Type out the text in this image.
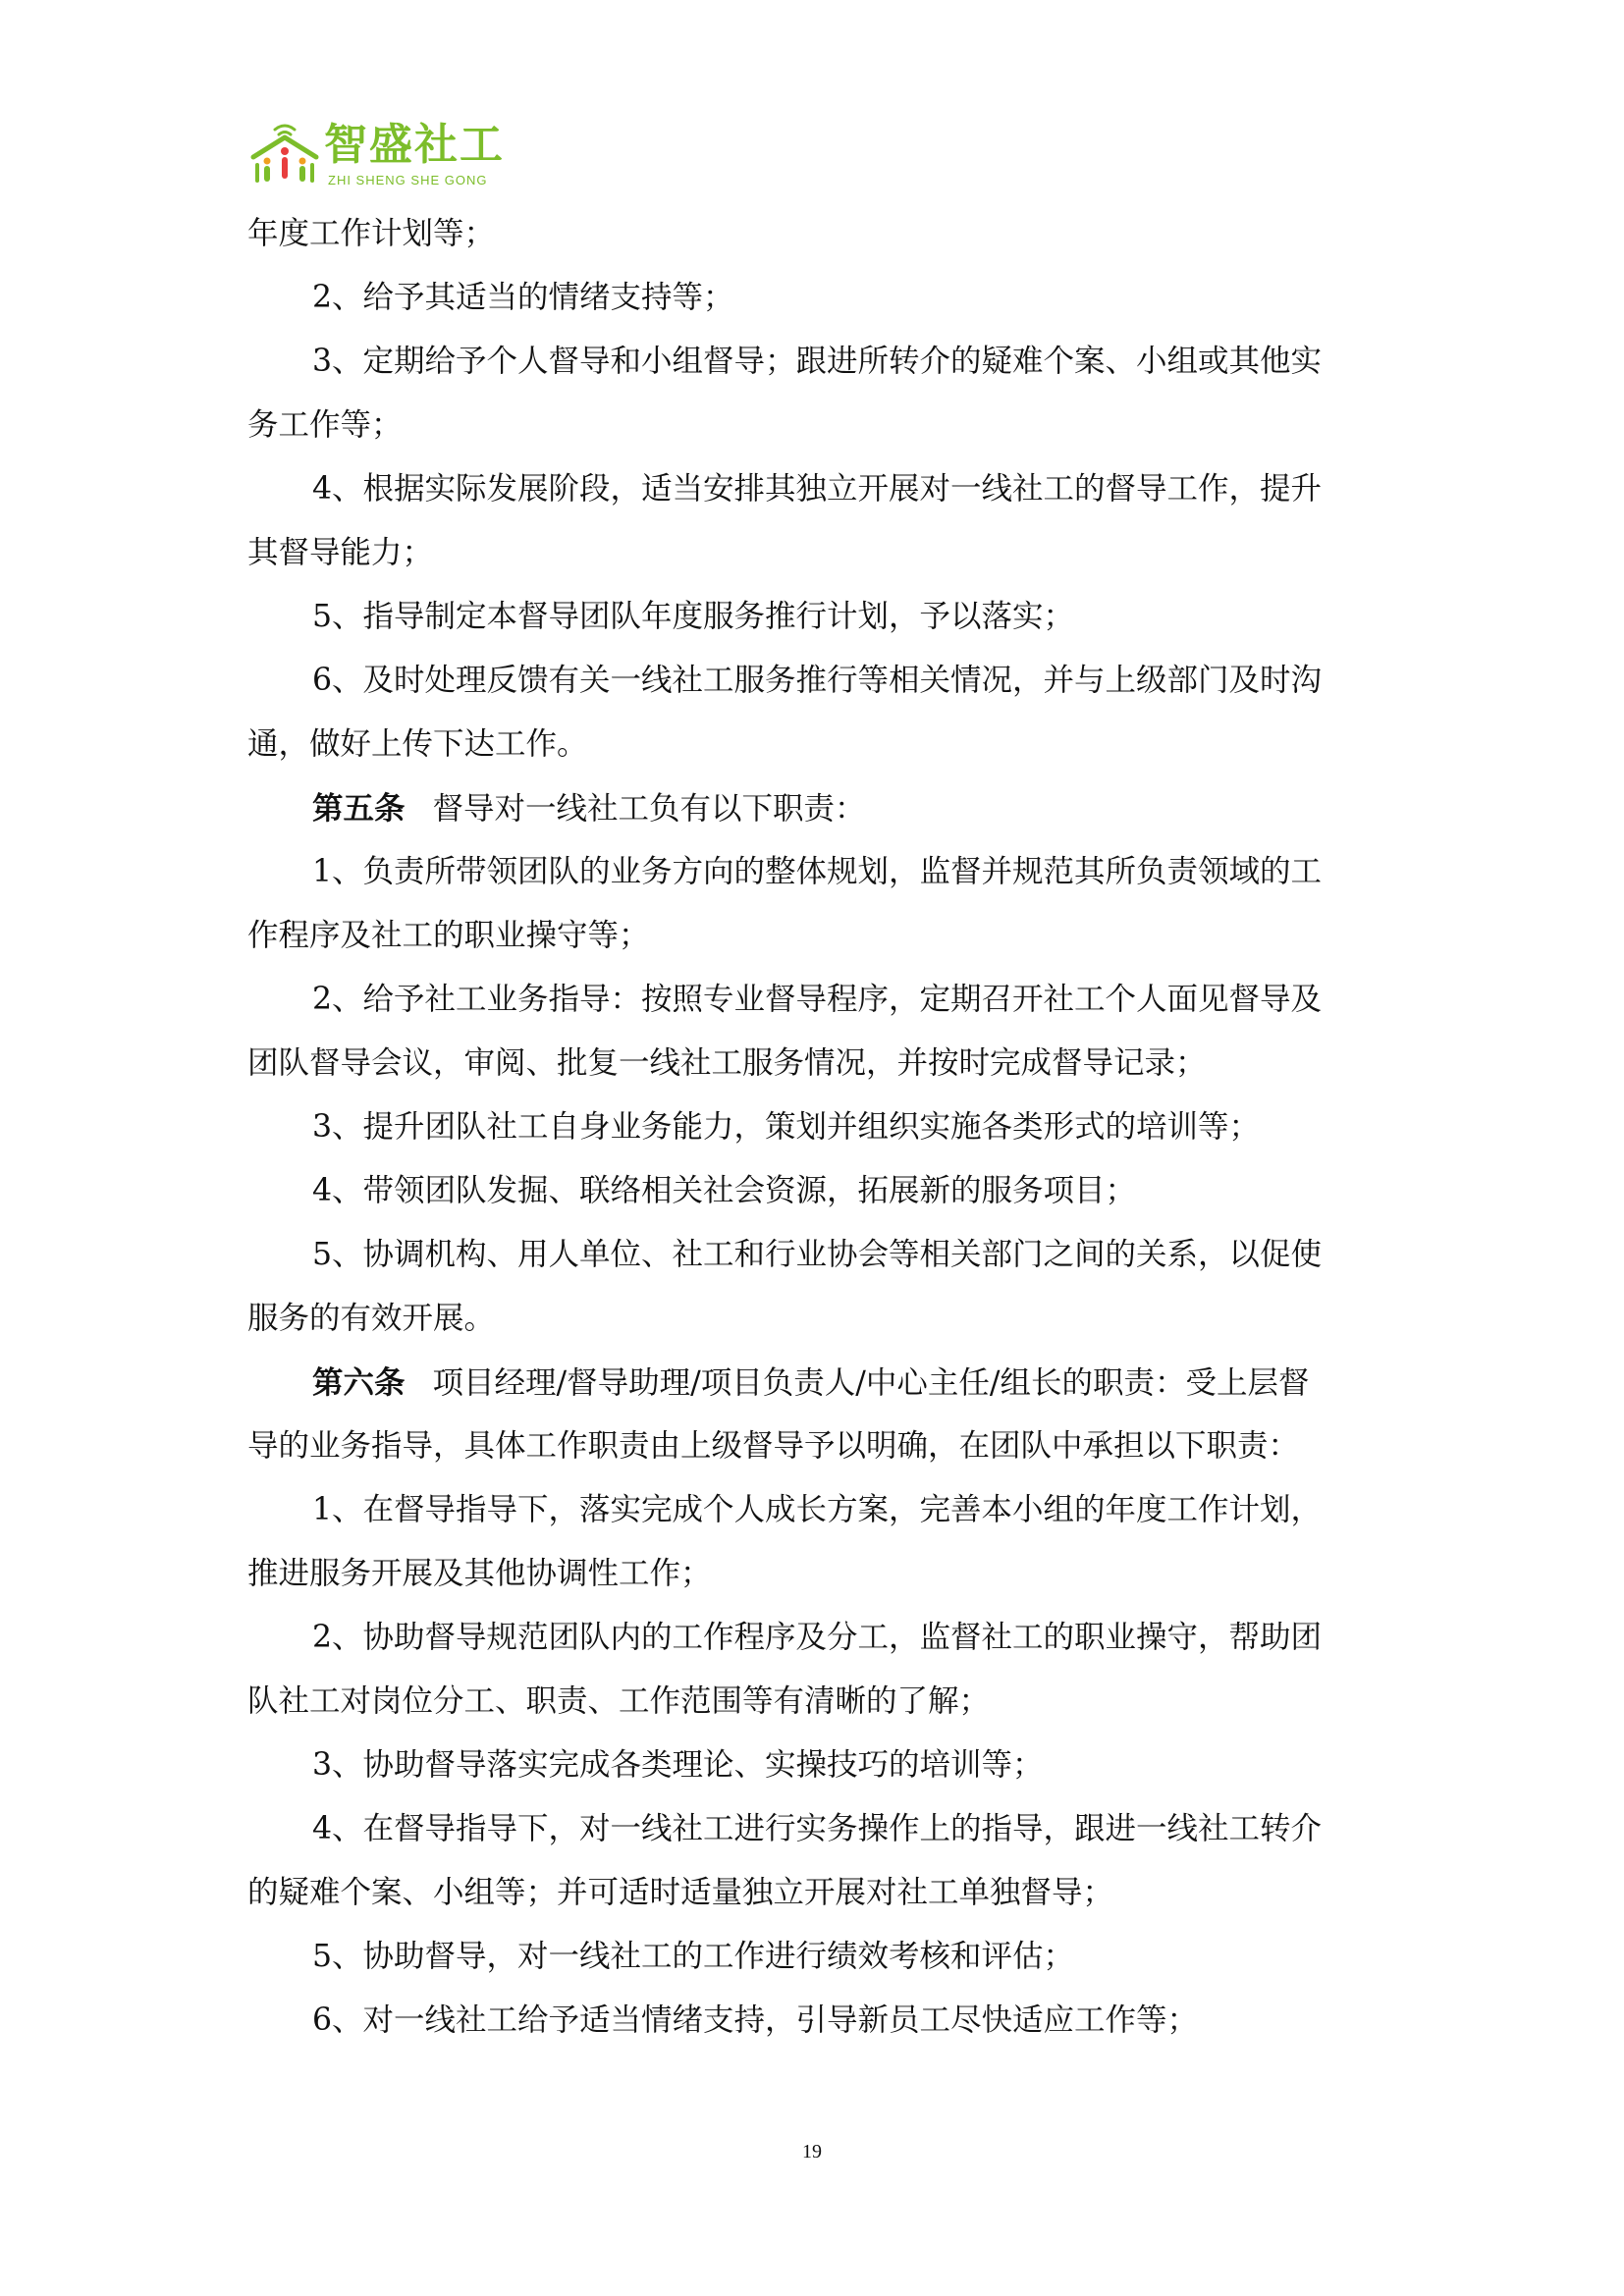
智盛社工
ZHI SHENG SHE GONG
年度工作计划等；
2、给予其适当的情绪支持等；
3、定期给予个人督导和小组督导；跟进所转介的疑难个案、小组或其他实
务工作等；
4、根据实际发展阶段，适当安排其独立开展对一线社工的督导工作，提升
其督导能力；
5、指导制定本督导团队年度服务推行计划，予以落实；
6、及时处理反馈有关一线社工服务推行等相关情况，并与上级部门及时沟
通，做好上传下达工作。
第五条 督导对一线社工负有以下职责：
1、负责所带领团队的业务方向的整体规划，监督并规范其所负责领域的工
作程序及社工的职业操守等；
2、给予社工业务指导：按照专业督导程序，定期召开社工个人面见督导及
团队督导会议，审阅、批复一线社工服务情况，并按时完成督导记录；
3、提升团队社工自身业务能力，策划并组织实施各类形式的培训等；
4、带领团队发掘、联络相关社会资源，拓展新的服务项目；
5、协调机构、用人单位、社工和行业协会等相关部门之间的关系，以促使
服务的有效开展。
第六条 项目经理/督导助理/项目负责人/中心主任/组长的职责：受上层督
导的业务指导，具体工作职责由上级督导予以明确，在团队中承担以下职责：
1、在督导指导下，落实完成个人成长方案，完善本小组的年度工作计划，
推进服务开展及其他协调性工作；
2、协助督导规范团队内的工作程序及分工，监督社工的职业操守，帮助团
队社工对岗位分工、职责、工作范围等有清晰的了解；
3、协助督导落实完成各类理论、实操技巧的培训等；
4、在督导指导下，对一线社工进行实务操作上的指导，跟进一线社工转介
的疑难个案、小组等；并可适时适量独立开展对社工单独督导；
5、协助督导，对一线社工的工作进行绩效考核和评估；
6、对一线社工给予适当情绪支持，引导新员工尽快适应工作等；
19
